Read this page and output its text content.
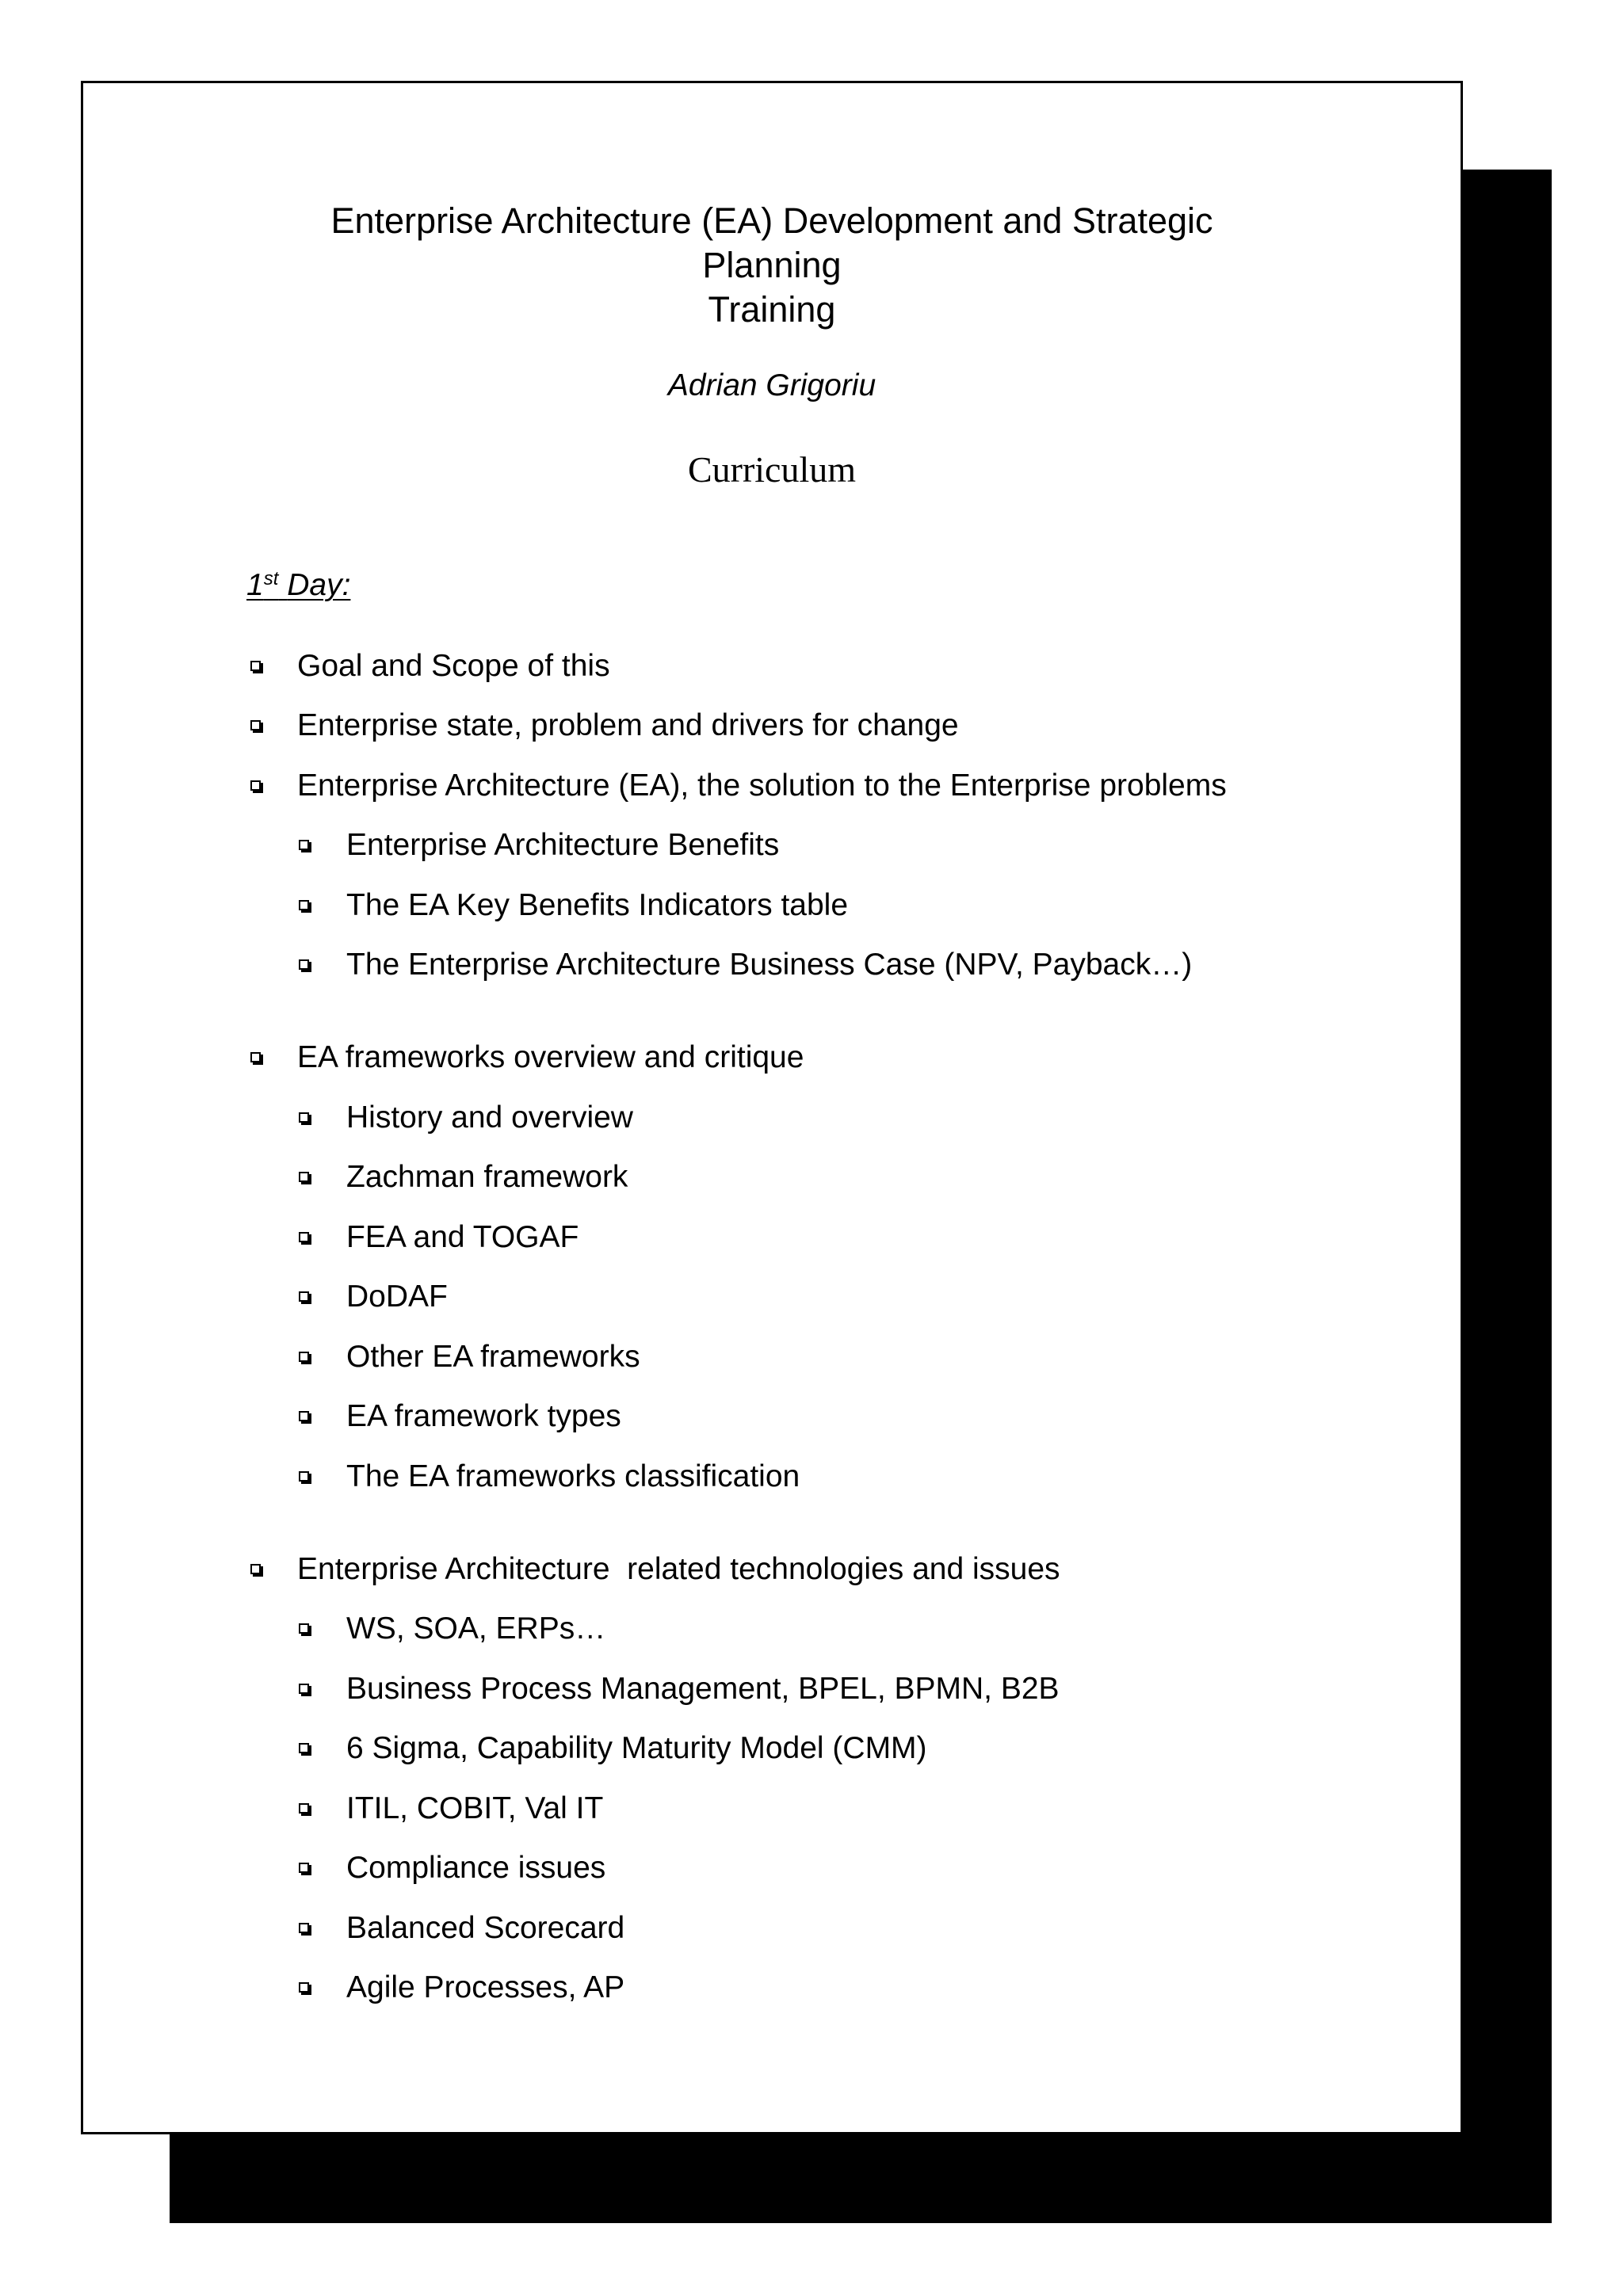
Enterprise Architecture (EA) Development and Strategic
Planning
Training
Adrian Grigoriu
Curriculum
1st Day:
Goal and Scope of this
Enterprise state, problem and drivers for change
Enterprise Architecture (EA), the solution to the Enterprise problems
Enterprise Architecture Benefits
The EA Key Benefits Indicators table
The Enterprise Architecture Business Case (NPV, Payback…)
EA frameworks overview and critique
History and overview
Zachman framework
FEA and TOGAF
DoDAF
Other EA frameworks
EA framework types
The EA frameworks classification
Enterprise Architecture  related technologies and issues
WS, SOA, ERPs…
Business Process Management, BPEL, BPMN, B2B
6 Sigma, Capability Maturity Model (CMM)
ITIL, COBIT, Val IT
Compliance issues
Balanced Scorecard
Agile Processes, AP
